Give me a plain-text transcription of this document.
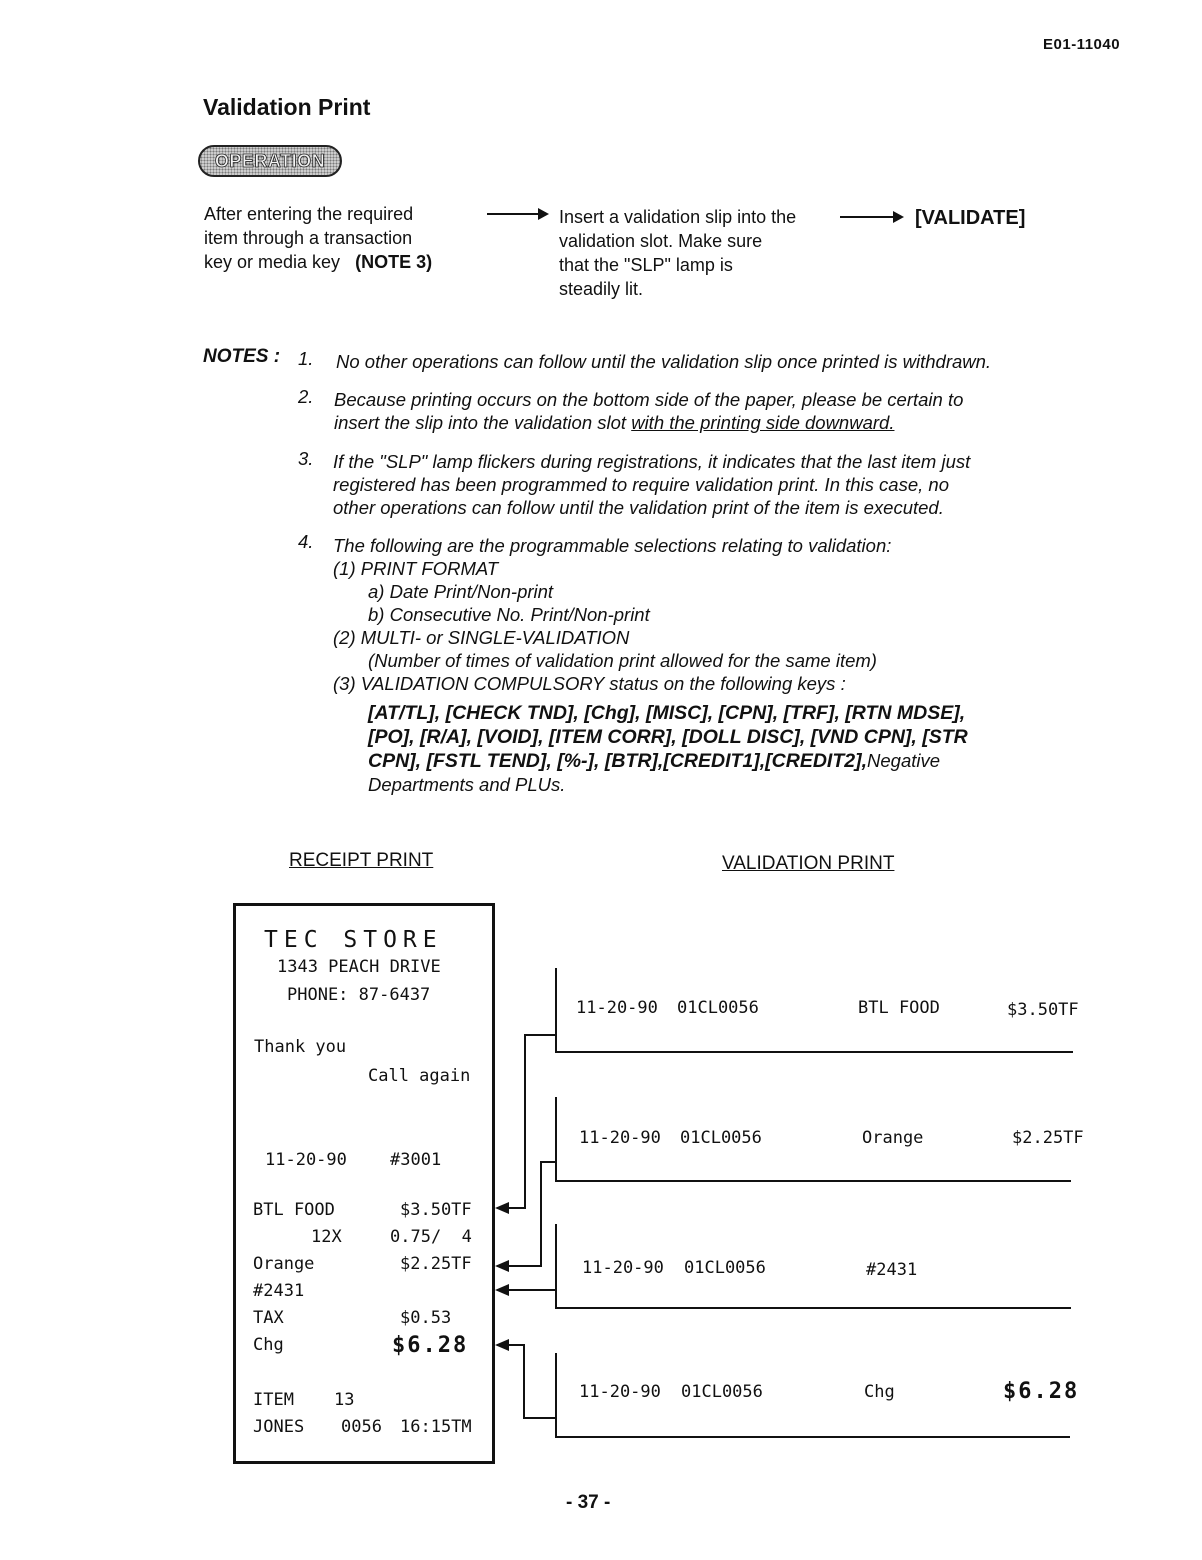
E01-11040
Validation Print
OPERATION
After entering the required
item through a transaction
key or media key (NOTE 3)
Insert a validation slip into the
validation slot. Make sure
that the "SLP" lamp is
steadily lit.
[VALIDATE]
NOTES : 1. No other operations can follow until the validation slip once printed is withdrawn.
2. Because printing occurs on the bottom side of the paper, please be certain to
insert the slip into the validation slot with the printing side downward.
3. If the "SLP" lamp flickers during registrations, it indicates that the last item just
registered has been programmed to require validation print. In this case, no
other operations can follow until the validation print of the item is executed.
4. The following are the programmable selections relating to validation:
(1) PRINT FORMAT
a) Date Print/Non-print
b) Consecutive No. Print/Non-print
(2) MULTI- or SINGLE-VALIDATION
(Number of times of validation print allowed for the same item)
(3) VALIDATION COMPULSORY status on the following keys :
[AT/TL], [CHECK TND], [Chg], [MISC], [CPN], [TRF], [RTN MDSE],
[PO], [R/A], [VOID], [ITEM CORR], [DOLL DISC], [VND CPN], [STR
CPN], [FSTL TEND], [%-], [BTR],[CREDIT1],[CREDIT2],Negative
Departments and PLUs.
RECEIPT PRINT	VALIDATION PRINT
TEC STORE
1343 PEACH DRIVE
PHONE: 87-6437
Thank you
Call again
11-20-90	#3001
BTL FOOD	$3.50TF
12X	0.75/  4
Orange	$2.25TF
#2431
TAX	$0.53
Chg	$6.28
ITEM 13
JONES 0056 16:15TM
11-20-90 01CL0056	BTL FOOD	$3.50TF
11-20-90 01CL0056	Orange	$2.25TF
11-20-90 01CL0056	#2431
11-20-90 01CL0056	Chg	$6.28
- 37 -
